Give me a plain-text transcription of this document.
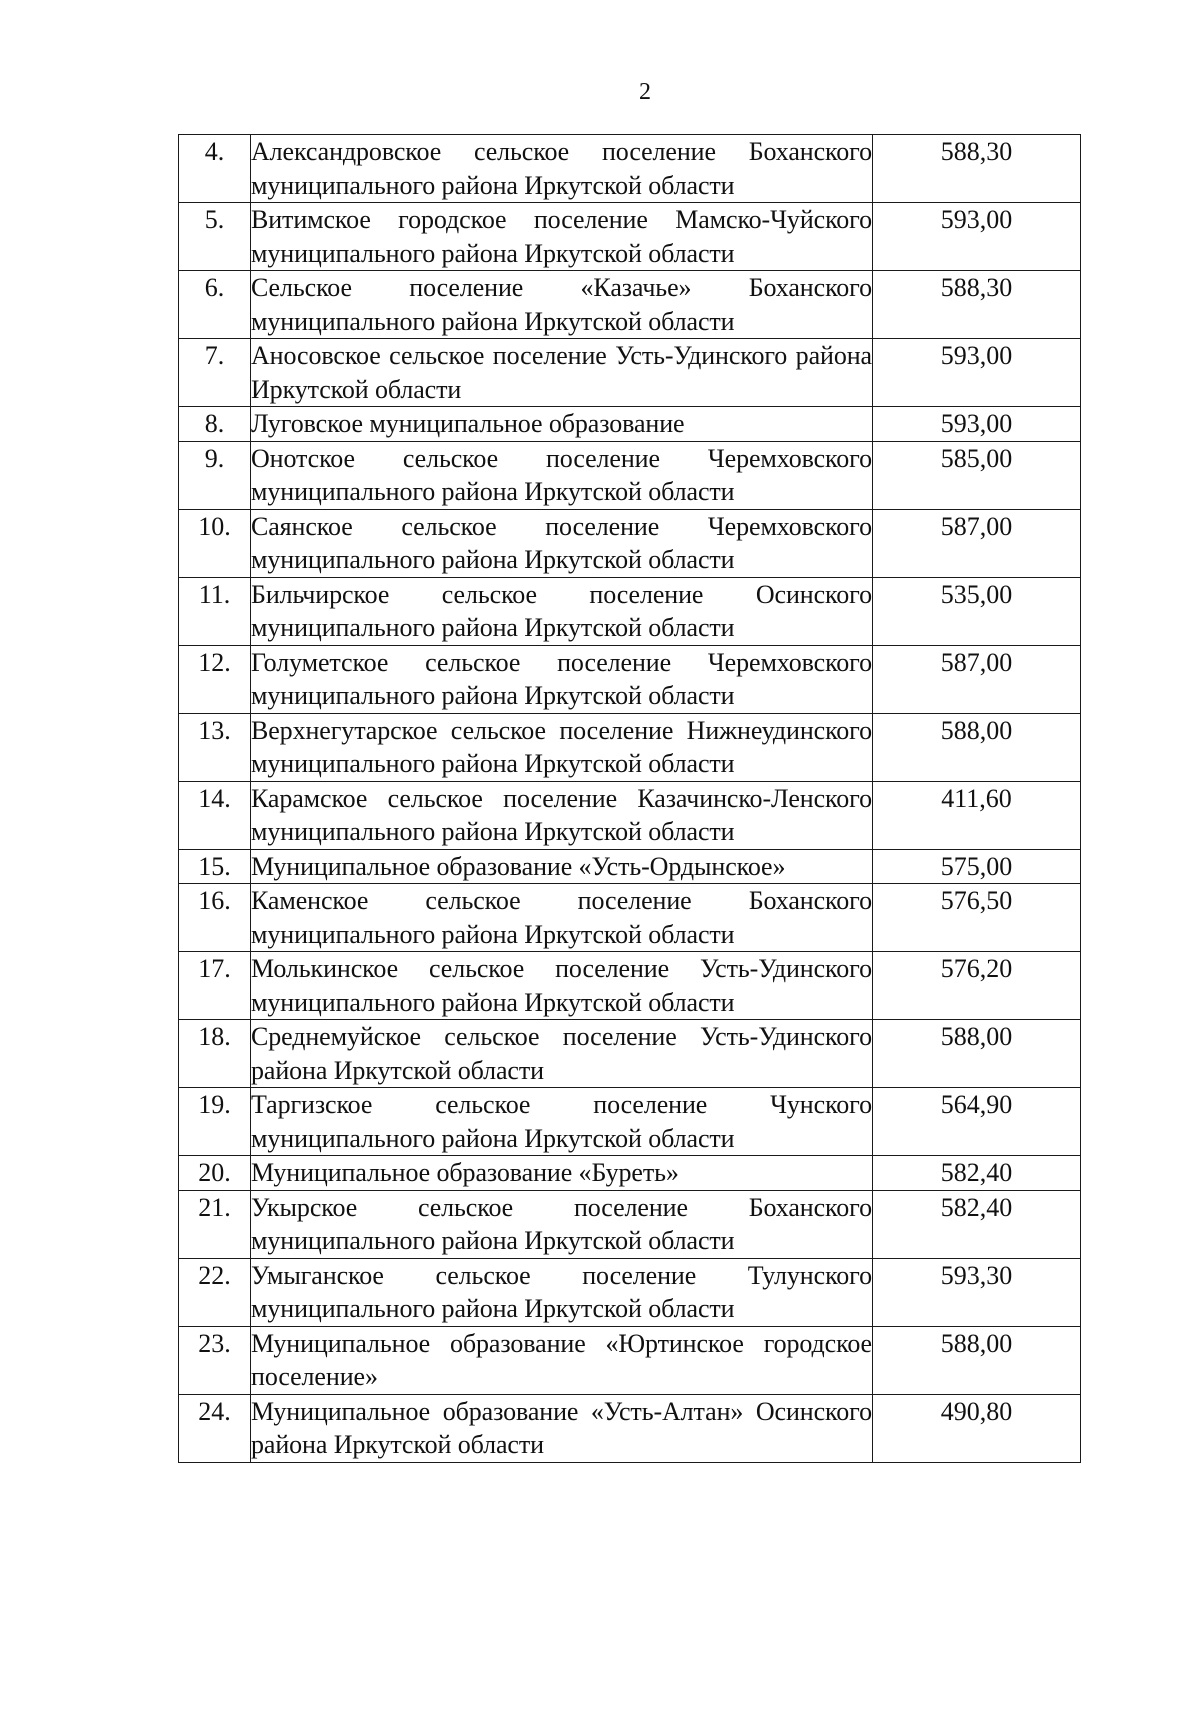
2
4.	Александровское сельское поселение Боханского муниципального района Иркутской области	588,30
5.	Витимское городское поселение Мамско-Чуйского муниципального района Иркутской области	593,00
6.	Сельское поселение «Казачье» Боханского муниципального района Иркутской области	588,30
7.	Аносовское сельское поселение Усть-Удинского района Иркутской области	593,00
8.	Луговское муниципальное образование	593,00
9.	Онотское сельское поселение Черемховского муниципального района Иркутской области	585,00
10.	Саянское сельское поселение Черемховского муниципального района Иркутской области	587,00
11.	Бильчирское сельское поселение Осинского муниципального района Иркутской области	535,00
12.	Голуметское сельское поселение Черемховского муниципального района Иркутской области	587,00
13.	Верхнегутарское сельское поселение Нижнеудинского муниципального района Иркутской области	588,00
14.	Карамское сельское поселение Казачинско-Ленского муниципального района Иркутской области	411,60
15.	Муниципальное образование «Усть-Ордынское»	575,00
16.	Каменское сельское поселение Боханского муниципального района Иркутской области	576,50
17.	Молькинское сельское поселение Усть-Удинского муниципального района Иркутской области	576,20
18.	Среднемуйское сельское поселение Усть-Удинского района Иркутской области	588,00
19.	Таргизское сельское поселение Чунского муниципального района Иркутской области	564,90
20.	Муниципальное образование «Буреть»	582,40
21.	Укырское сельское поселение Боханского муниципального района Иркутской области	582,40
22.	Умыганское сельское поселение Тулунского муниципального района Иркутской области	593,30
23.	Муниципальное образование «Юртинское городское поселение»	588,00
24.	Муниципальное образование «Усть-Алтан» Осинского района Иркутской области	490,80
